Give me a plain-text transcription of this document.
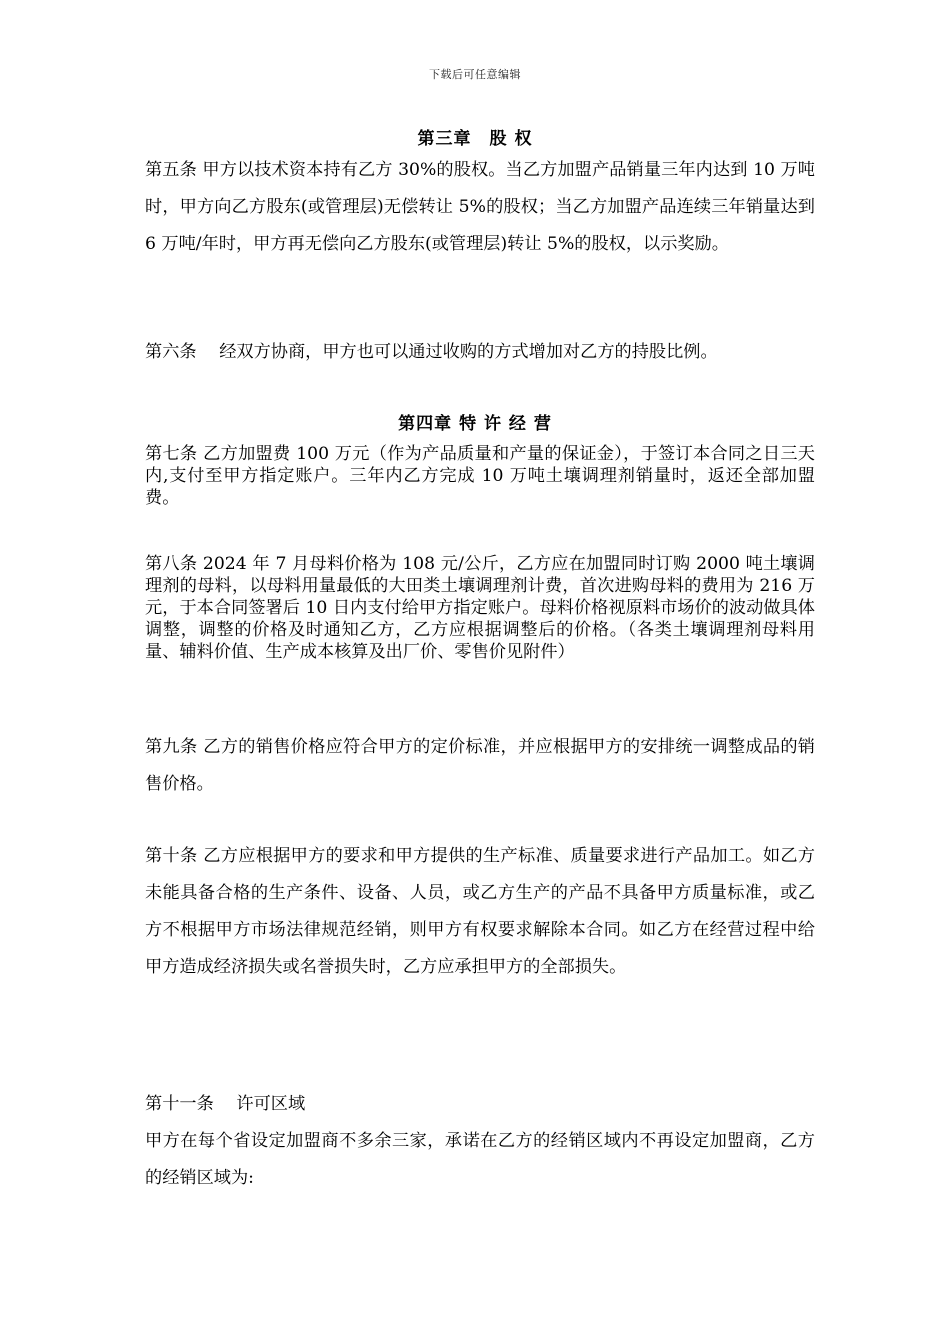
下载后可任意编辑
第三章　股 权
第五条 甲方以技术资本持有乙方 30%的股权。当乙方加盟产品销量三年内达到 10 万吨时，甲方向乙方股东(或管理层)无偿转让 5%的股权；当乙方加盟产品连续三年销量达到 6 万吨/年时，甲方再无偿向乙方股东(或管理层)转让 5%的股权，以示奖励。
第六条　 经双方协商，甲方也可以通过收购的方式增加对乙方的持股比例。
第四章 特 许 经 营
第七条 乙方加盟费 100 万元（作为产品质量和产量的保证金），于签订本合同之日三天内,支付至甲方指定账户。三年内乙方完成 10 万吨土壤调理剂销量时，返还全部加盟费。
第八条 2024 年 7 月母料价格为 108 元/公斤，乙方应在加盟同时订购 2000 吨土壤调理剂的母料，以母料用量最低的大田类土壤调理剂计费，首次进购母料的费用为 216 万元，于本合同签署后 10 日内支付给甲方指定账户。母料价格视原料市场价的波动做具体调整，调整的价格及时通知乙方，乙方应根据调整后的价格。（各类土壤调理剂母料用量、辅料价值、生产成本核算及出厂价、零售价见附件）
第九条 乙方的销售价格应符合甲方的定价标准，并应根据甲方的安排统一调整成品的销售价格。
第十条 乙方应根据甲方的要求和甲方提供的生产标准、质量要求进行产品加工。如乙方未能具备合格的生产条件、设备、人员，或乙方生产的产品不具备甲方质量标准，或乙方不根据甲方市场法律规范经销，则甲方有权要求解除本合同。如乙方在经营过程中给甲方造成经济损失或名誉损失时，乙方应承担甲方的全部损失。
第十一条　 许可区域
甲方在每个省设定加盟商不多余三家，承诺在乙方的经销区域内不再设定加盟商，乙方的经销区域为:
